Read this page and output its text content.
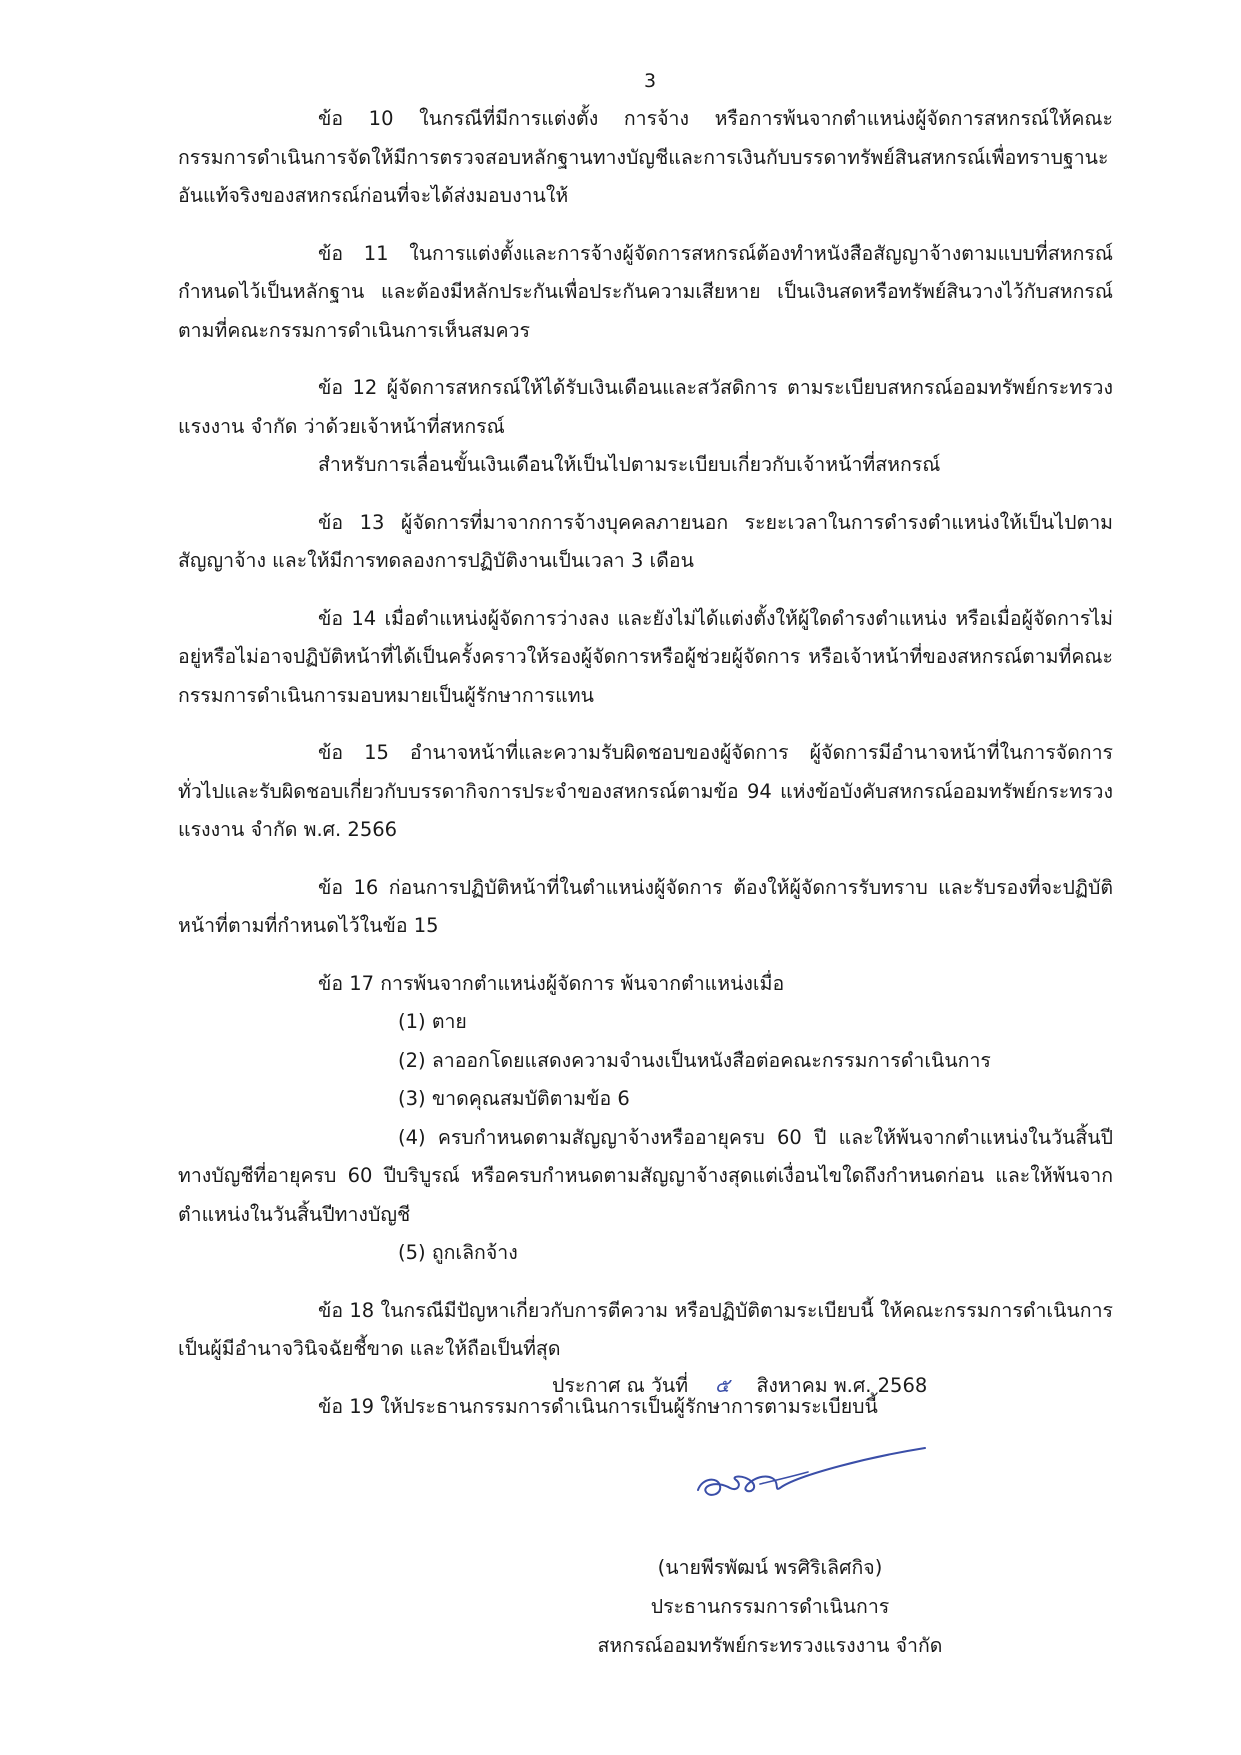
3

ข้อ 10 ในกรณีที่มีการแต่งตั้ง การจ้าง หรือการพ้นจากตำแหน่งผู้จัดการสหกรณ์ให้คณะกรรมการดำเนินการจัดให้มีการตรวจสอบหลักฐานทางบัญชีและการเงินกับบรรดาทรัพย์สินสหกรณ์เพื่อทราบฐานะอันแท้จริงของสหกรณ์ก่อนที่จะได้ส่งมอบงานให้

ข้อ 11 ในการแต่งตั้งและการจ้างผู้จัดการสหกรณ์ต้องทำหนังสือสัญญาจ้างตามแบบที่สหกรณ์กำหนดไว้เป็นหลักฐาน และต้องมีหลักประกันเพื่อประกันความเสียหาย เป็นเงินสดหรือทรัพย์สินวางไว้กับสหกรณ์ตามที่คณะกรรมการดำเนินการเห็นสมควร

ข้อ 12 ผู้จัดการสหกรณ์ให้ได้รับเงินเดือนและสวัสดิการ ตามระเบียบสหกรณ์ออมทรัพย์กระทรวงแรงงาน จำกัด ว่าด้วยเจ้าหน้าที่สหกรณ์

สำหรับการเลื่อนขั้นเงินเดือนให้เป็นไปตามระเบียบเกี่ยวกับเจ้าหน้าที่สหกรณ์

ข้อ 13 ผู้จัดการที่มาจากการจ้างบุคคลภายนอก ระยะเวลาในการดำรงตำแหน่งให้เป็นไปตามสัญญาจ้าง และให้มีการทดลองการปฏิบัติงานเป็นเวลา 3 เดือน

ข้อ 14 เมื่อตำแหน่งผู้จัดการว่างลง และยังไม่ได้แต่งตั้งให้ผู้ใดดำรงตำแหน่ง หรือเมื่อผู้จัดการไม่อยู่หรือไม่อาจปฏิบัติหน้าที่ได้เป็นครั้งคราวให้รองผู้จัดการหรือผู้ช่วยผู้จัดการ หรือเจ้าหน้าที่ของสหกรณ์ตามที่คณะกรรมการดำเนินการมอบหมายเป็นผู้รักษาการแทน

ข้อ 15 อำนาจหน้าที่และความรับผิดชอบของผู้จัดการ ผู้จัดการมีอำนาจหน้าที่ในการจัดการทั่วไปและรับผิดชอบเกี่ยวกับบรรดากิจการประจำของสหกรณ์ตามข้อ 94 แห่งข้อบังคับสหกรณ์ออมทรัพย์กระทรวงแรงงาน จำกัด พ.ศ. 2566

ข้อ 16 ก่อนการปฏิบัติหน้าที่ในตำแหน่งผู้จัดการ ต้องให้ผู้จัดการรับทราบ และรับรองที่จะปฏิบัติหน้าที่ตามที่กำหนดไว้ในข้อ 15

ข้อ 17 การพ้นจากตำแหน่งผู้จัดการ พ้นจากตำแหน่งเมื่อ

(1) ตาย

(2) ลาออกโดยแสดงความจำนงเป็นหนังสือต่อคณะกรรมการดำเนินการ

(3) ขาดคุณสมบัติตามข้อ 6

(4) ครบกำหนดตามสัญญาจ้างหรืออายุครบ 60 ปี และให้พ้นจากตำแหน่งในวันสิ้นปีทางบัญชีที่อายุครบ 60 ปีบริบูรณ์ หรือครบกำหนดตามสัญญาจ้างสุดแต่เงื่อนไขใดถึงกำหนดก่อน และให้พ้นจากตำแหน่งในวันสิ้นปีทางบัญชี

(5) ถูกเลิกจ้าง

ข้อ 18 ในกรณีมีปัญหาเกี่ยวกับการตีความ หรือปฏิบัติตามระเบียบนี้ ให้คณะกรรมการดำเนินการเป็นผู้มีอำนาจวินิจฉัยชี้ขาด และให้ถือเป็นที่สุด

ข้อ 19 ให้ประธานกรรมการดำเนินการเป็นผู้รักษาการตามระเบียบนี้

ประกาศ ณ วันที่ ๕ สิงหาคม พ.ศ. 2568
(นายพีรพัฒน์ พรศิริเลิศกิจ)
ประธานกรรมการดำเนินการ
สหกรณ์ออมทรัพย์กระทรวงแรงงาน จำกัด
